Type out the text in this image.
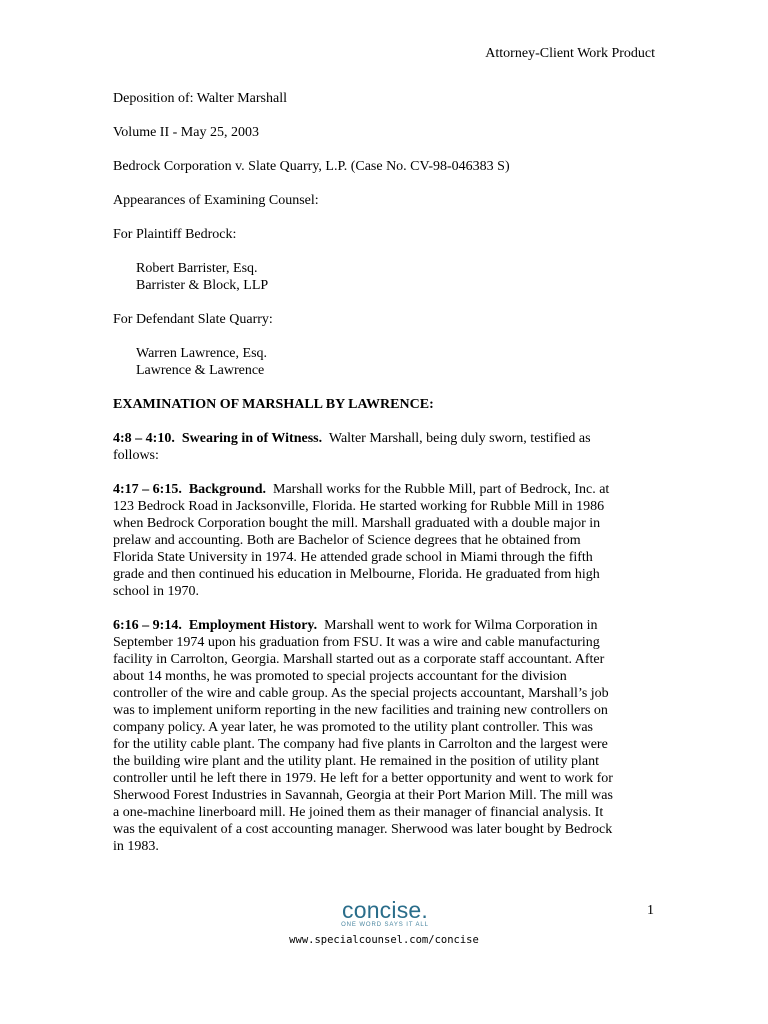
Attorney-Client Work Product

Deposition of: Walter Marshall

Volume II - May 25, 2003

Bedrock Corporation v. Slate Quarry, L.P. (Case No. CV-98-046383 S)

Appearances of Examining Counsel:

For Plaintiff Bedrock:

Robert Barrister, Esq.

Barrister & Block, LLP

For Defendant Slate Quarry:

Warren Lawrence, Esq.

Lawrence & Lawrence

EXAMINATION OF MARSHALL BY LAWRENCE:

4:8 – 4:10. Swearing in of Witness. Walter Marshall, being duly sworn, testified as
follows:
4:17 – 6:15. Background. Marshall works for the Rubble Mill, part of Bedrock, Inc. at
123 Bedrock Road in Jacksonville, Florida. He started working for Rubble Mill in 1986
when Bedrock Corporation bought the mill. Marshall graduated with a double major in
prelaw and accounting. Both are Bachelor of Science degrees that he obtained from
Florida State University in 1974. He attended grade school in Miami through the fifth
grade and then continued his education in Melbourne, Florida. He graduated from high
school in 1970.
6:16 – 9:14. Employment History. Marshall went to work for Wilma Corporation in
September 1974 upon his graduation from FSU. It was a wire and cable manufacturing
facility in Carrolton, Georgia. Marshall started out as a corporate staff accountant. After
about 14 months, he was promoted to special projects accountant for the division
controller of the wire and cable group. As the special projects accountant, Marshall’s job
was to implement uniform reporting in the new facilities and training new controllers on
company policy. A year later, he was promoted to the utility plant controller. This was
for the utility cable plant. The company had five plants in Carrolton and the largest were
the building wire plant and the utility plant. He remained in the position of utility plant
controller until he left there in 1979. He left for a better opportunity and went to work for
Sherwood Forest Industries in Savannah, Georgia at their Port Marion Mill. The mill was
a one-machine linerboard mill. He joined them as their manager of financial analysis. It
was the equivalent of a cost accounting manager. Sherwood was later bought by Bedrock
in 1983.
1
concise.
ONE WORD SAYS IT ALL
www.specialcounsel.com/concise
